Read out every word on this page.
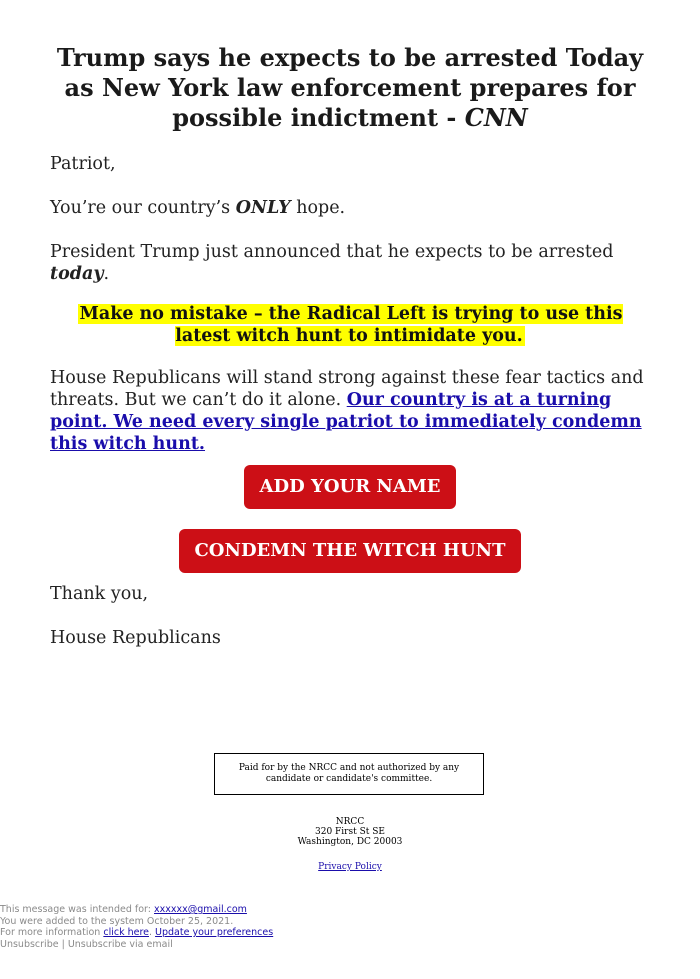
Trump says he expects to be arrested Today as New York law enforcement prepares for possible indictment - CNN

Patriot,

You’re our country’s ONLY hope.

President Trump just announced that he expects to be arrested today.

Make no mistake – the Radical Left is trying to use this latest witch hunt to intimidate you.

House Republicans will stand strong against these fear tactics and threats. But we can’t do it alone. Our country is at a turning point. We need every single patriot to immediately condemn this witch hunt.

ADD YOUR NAME
CONDEMN THE WITCH HUNT

Thank you,

House Republicans

Paid for by the NRCC and not authorized by any candidate or candidate's committee.

NRCC
320 First St SE
Washington, DC 20003

Privacy Policy
This message was intended for: xxxxxx@gmail.com
You were added to the system October 25, 2021.
For more information click here. Update your preferences
Unsubscribe | Unsubscribe via email
